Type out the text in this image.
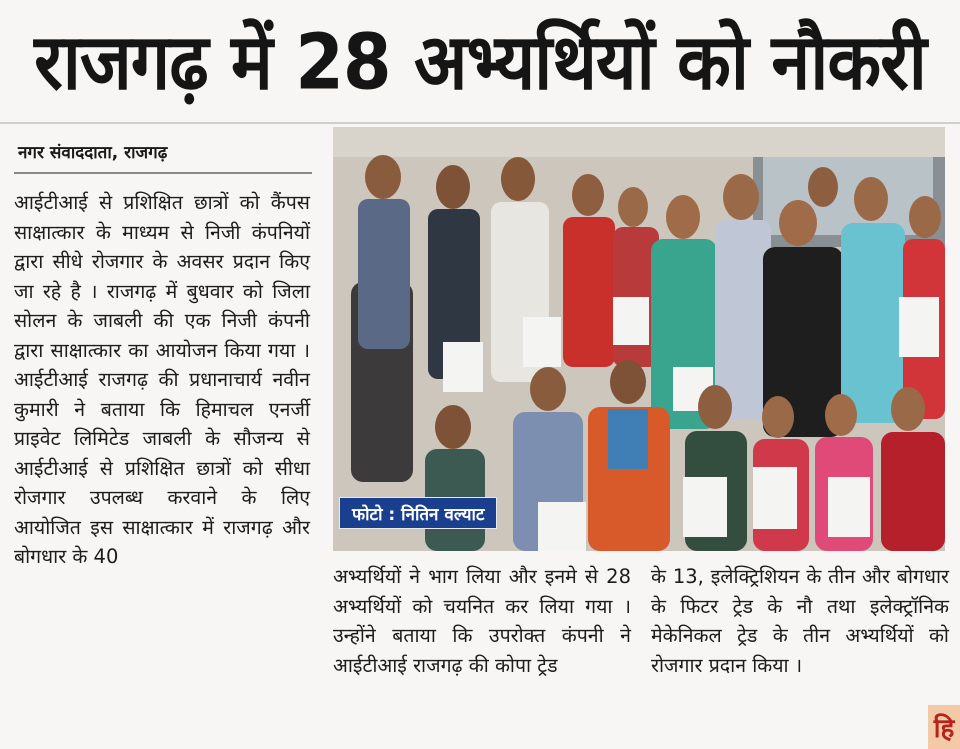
राजगढ़ में 28 अभ्यर्थियों को नौकरी
नगर संवाददाता, राजगढ़

आईटीआई से प्रशिक्षित छात्रों को कैंपस साक्षात्कार के माध्यम से निजी कंपनियों द्वारा सीधे रोजगार के अवसर प्रदान किए जा रहे है । राजगढ़ में बुधवार को जिला सोलन के जाबली की एक निजी कंपनी द्वारा साक्षात्कार का आयोजन किया गया । आईटीआई राजगढ़ की प्रधानाचार्य नवीन कुमारी ने बताया कि हिमाचल एनर्जी प्राइवेट लिमिटेड जाबली के सौजन्य से आईटीआई से प्रशिक्षित छात्रों को सीधा रोजगार उपलब्ध करवाने के लिए आयोजित इस साक्षात्कार में राजगढ़ और बोगधार के 40

फोटो : नितिन वल्याट

अभ्यर्थियों ने भाग लिया और इनमे से 28 अभ्यर्थियों को चयनित कर लिया गया । उन्होंने बताया कि उपरोक्त कंपनी ने आईटीआई राजगढ़ की कोपा ट्रेड

के 13, इलेक्ट्रिशियन के तीन और बोगधार के फिटर ट्रेड के नौ तथा इलेक्ट्रॉनिक मेकेनिकल ट्रेड के तीन अभ्यर्थियों को रोजगार प्रदान किया ।

हि
